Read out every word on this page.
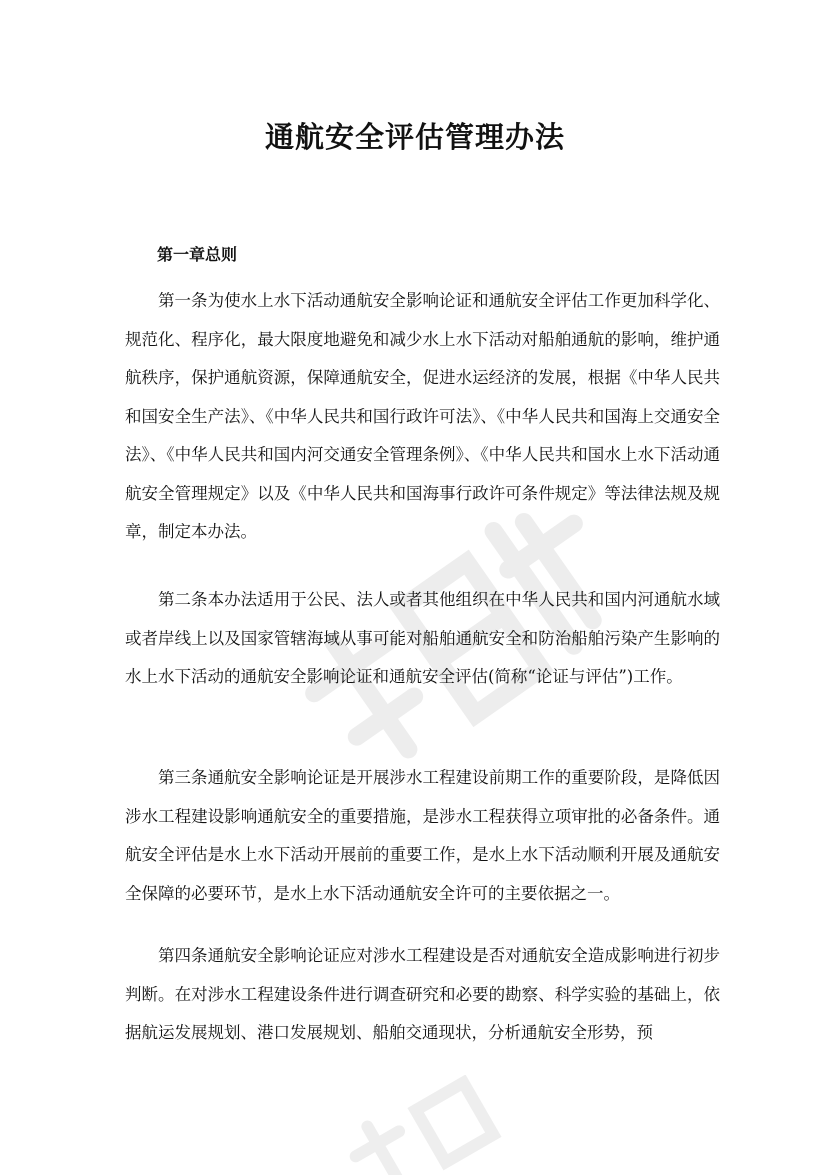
通航安全评估管理办法
第一章总则

第一条为使水上水下活动通航安全影响论证和通航安全评估工作更加科学化、规范化、程序化，最大限度地避免和减少水上水下活动对船舶通航的影响，维护通航秩序，保护通航资源，保障通航安全，促进水运经济的发展，根据《中华人民共和国安全生产法》、《中华人民共和国行政许可法》、《中华人民共和国海上交通安全法》、《中华人民共和国内河交通安全管理条例》、《中华人民共和国水上水下活动通航安全管理规定》以及《中华人民共和国海事行政许可条件规定》等法律法规及规章，制定本办法。

第二条本办法适用于公民、法人或者其他组织在中华人民共和国内河通航水域或者岸线上以及国家管辖海域从事可能对船舶通航安全和防治船舶污染产生影响的水上水下活动的通航安全影响论证和通航安全评估(简称“论证与评估”)工作。

第三条通航安全影响论证是开展涉水工程建设前期工作的重要阶段，是降低因涉水工程建设影响通航安全的重要措施，是涉水工程获得立项审批的必备条件。通航安全评估是水上水下活动开展前的重要工作，是水上水下活动顺利开展及通航安全保障的必要环节，是水上水下活动通航安全许可的主要依据之一。

第四条通航安全影响论证应对涉水工程建设是否对通航安全造成影响进行初步判断。在对涉水工程建设条件进行调查研究和必要的勘察、科学实验的基础上，依据航运发展规划、港口发展规划、船舶交通现状，分析通航安全形势，预
